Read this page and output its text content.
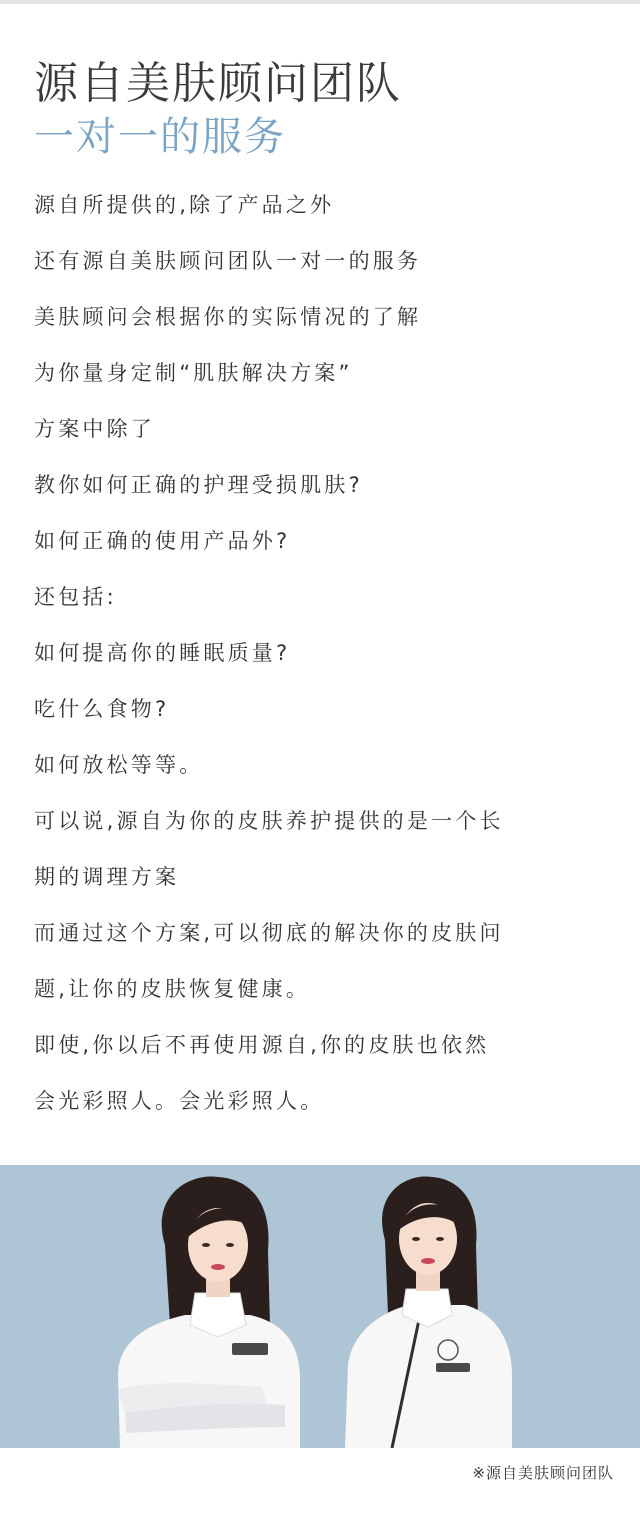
源自美肤顾问团队
一对一的服务
源自所提供的,除了产品之外
还有源自美肤顾问团队一对一的服务
美肤顾问会根据你的实际情况的了解
为你量身定制“肌肤解决方案”
方案中除了
教你如何正确的护理受损肌肤?
如何正确的使用产品外?
还包括:
如何提高你的睡眠质量?
吃什么食物?
如何放松等等。
可以说,源自为你的皮肤养护提供的是一个长
期的调理方案
而通过这个方案,可以彻底的解决你的皮肤问
题,让你的皮肤恢复健康。
即使,你以后不再使用源自,你的皮肤也依然
会光彩照人。会光彩照人。
※源自美肤顾问团队
